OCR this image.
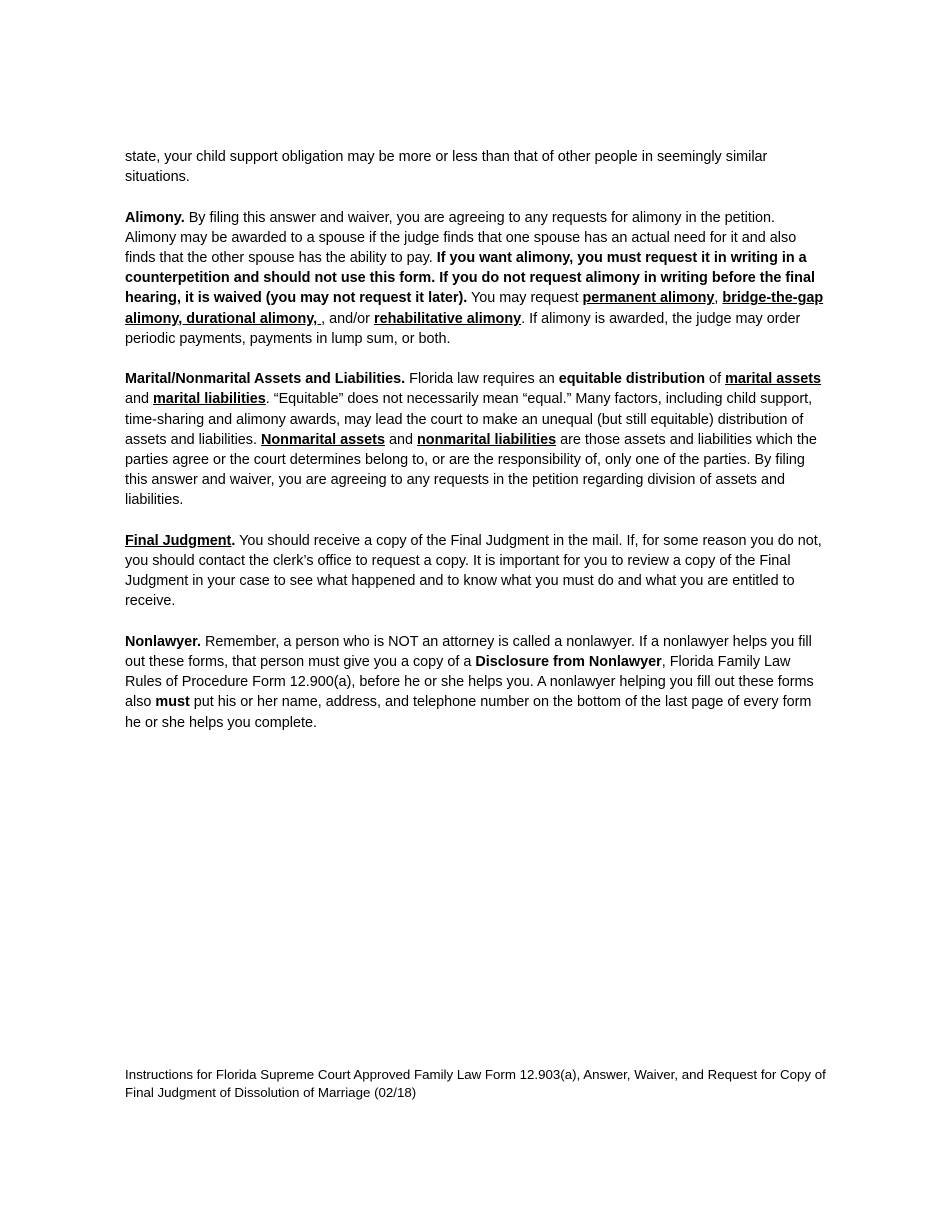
state, your child support obligation may be more or less than that of other people in seemingly similar situations.

Alimony. By filing this answer and waiver, you are agreeing to any requests for alimony in the petition. Alimony may be awarded to a spouse if the judge finds that one spouse has an actual need for it and also finds that the other spouse has the ability to pay. If you want alimony, you must request it in writing in a counterpetition and should not use this form. If you do not request alimony in writing before the final hearing, it is waived (you may not request it later). You may request permanent alimony, bridge-the-gap alimony, durational alimony, , and/or rehabilitative alimony. If alimony is awarded, the judge may order periodic payments, payments in lump sum, or both.

Marital/Nonmarital Assets and Liabilities. Florida law requires an equitable distribution of marital assets and marital liabilities. “Equitable” does not necessarily mean “equal.” Many factors, including child support, time-sharing and alimony awards, may lead the court to make an unequal (but still equitable) distribution of assets and liabilities. Nonmarital assets and nonmarital liabilities are those assets and liabilities which the parties agree or the court determines belong to, or are the responsibility of, only one of the parties. By filing this answer and waiver, you are agreeing to any requests in the petition regarding division of assets and liabilities.

Final Judgment. You should receive a copy of the Final Judgment in the mail. If, for some reason you do not, you should contact the clerk’s office to request a copy. It is important for you to review a copy of the Final Judgment in your case to see what happened and to know what you must do and what you are entitled to receive.

Nonlawyer. Remember, a person who is NOT an attorney is called a nonlawyer. If a nonlawyer helps you fill out these forms, that person must give you a copy of a Disclosure from Nonlawyer, Florida Family Law Rules of Procedure Form 12.900(a), before he or she helps you. A nonlawyer helping you fill out these forms also must put his or her name, address, and telephone number on the bottom of the last page of every form he or she helps you complete.

Instructions for Florida Supreme Court Approved Family Law Form 12.903(a), Answer, Waiver, and Request for Copy of Final Judgment of Dissolution of Marriage (02/18)
